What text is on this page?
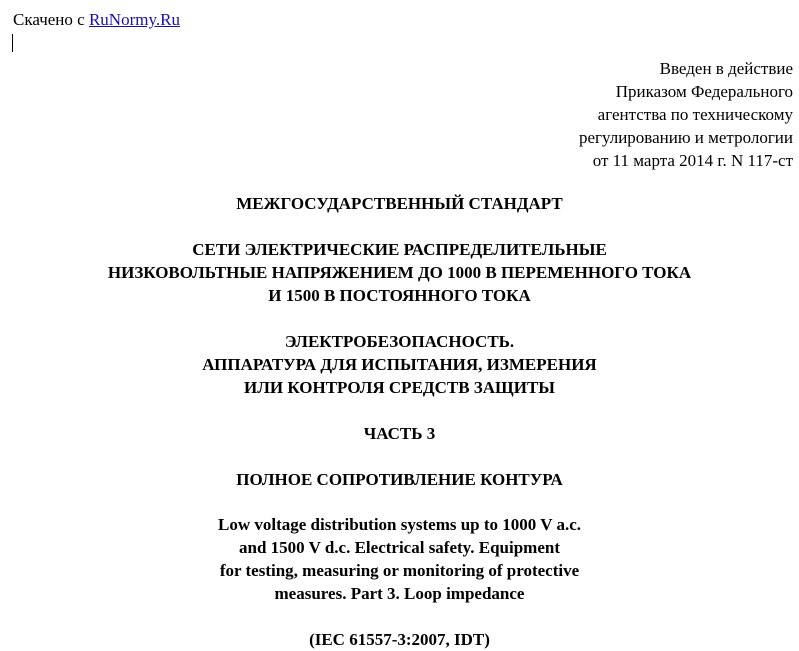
Скачено с RuNormy.Ru
Введен в действие
Приказом Федерального
агентства по техническому
регулированию и метрологии
от 11 марта 2014 г. N 117-ст
МЕЖГОСУДАРСТВЕННЫЙ СТАНДАРТ
СЕТИ ЭЛЕКТРИЧЕСКИЕ РАСПРЕДЕЛИТЕЛЬНЫЕ
НИЗКОВОЛЬТНЫЕ НАПРЯЖЕНИЕМ ДО 1000 В ПЕРЕМЕННОГО ТОКА
И 1500 В ПОСТОЯННОГО ТОКА
ЭЛЕКТРОБЕЗОПАСНОСТЬ.
АППАРАТУРА ДЛЯ ИСПЫТАНИЯ, ИЗМЕРЕНИЯ
ИЛИ КОНТРОЛЯ СРЕДСТВ ЗАЩИТЫ
ЧАСТЬ 3
ПОЛНОЕ СОПРОТИВЛЕНИЕ КОНТУРА
Low voltage distribution systems up to 1000 V a.c.
and 1500 V d.c. Electrical safety. Equipment
for testing, measuring or monitoring of protective
measures. Part 3. Loop impedance
(IEC 61557-3:2007, IDT)
